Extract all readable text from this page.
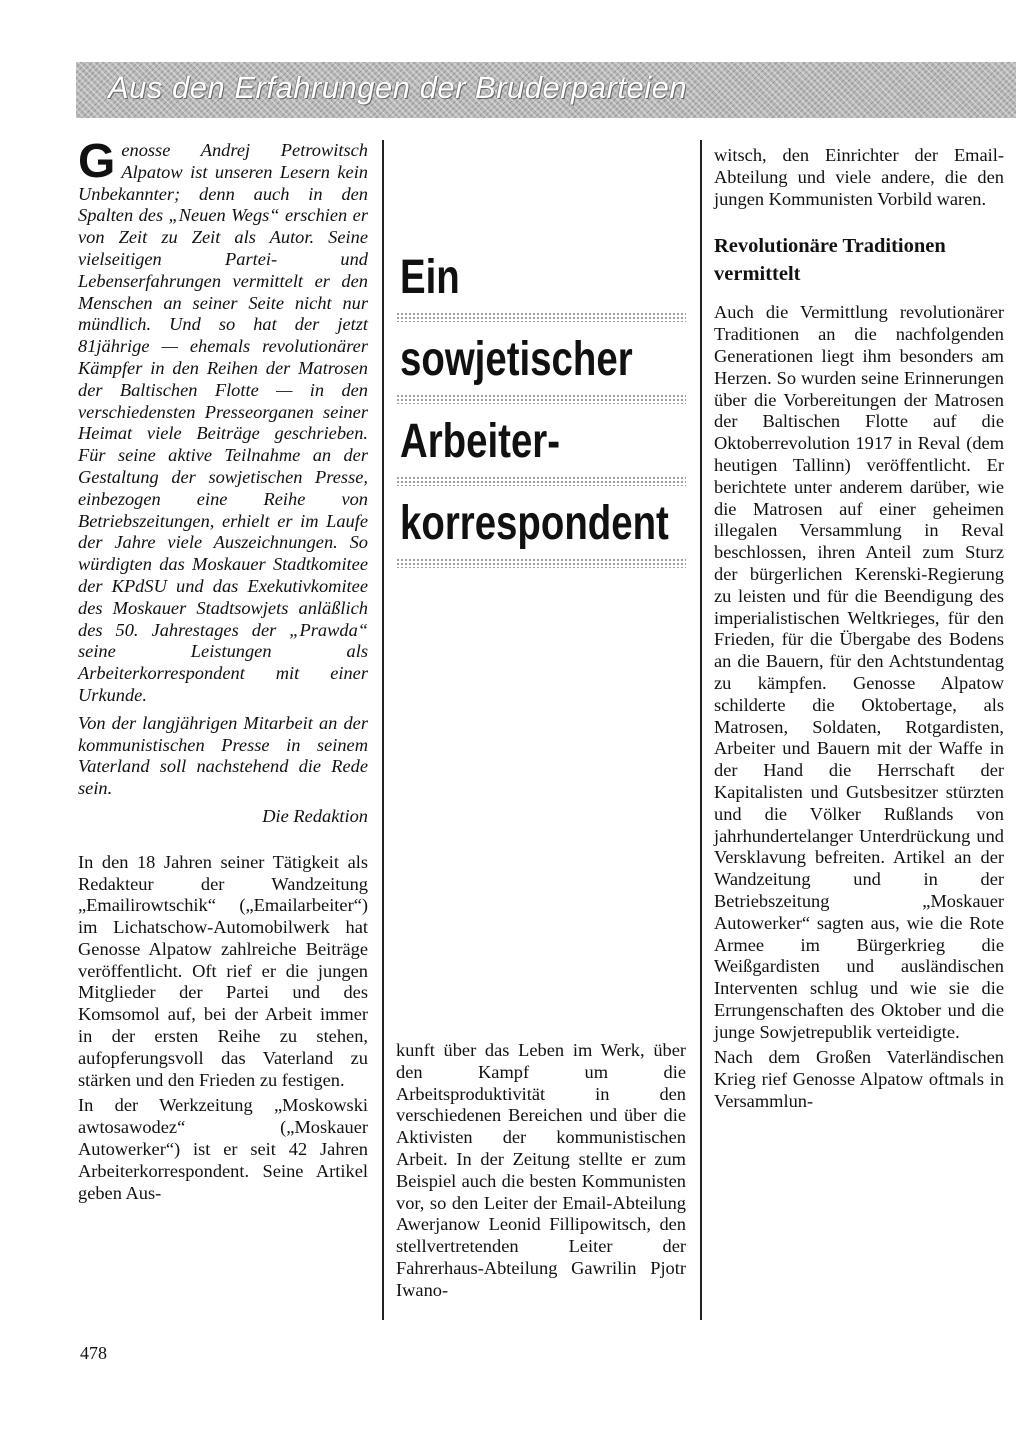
Aus den Erfahrungen der Bruderparteien

Genosse Andrej Petrowitsch Alpatow ist unseren Lesern kein Unbekannter; denn auch in den Spalten des „Neuen Wegs“ erschien er von Zeit zu Zeit als Autor. Seine vielseitigen Partei- und Lebenserfahrungen vermittelt er den Menschen an seiner Seite nicht nur mündlich. Und so hat der jetzt 81jährige — ehemals revolutionärer Kämpfer in den Reihen der Matrosen der Baltischen Flotte — in den verschiedensten Presseorganen seiner Heimat viele Beiträge geschrieben. Für seine aktive Teilnahme an der Gestaltung der sowjetischen Presse, einbezogen eine Reihe von Betriebszeitungen, erhielt er im Laufe der Jahre viele Auszeichnungen. So würdigten das Moskauer Stadtkomitee der KPdSU und das Exekutivkomitee des Moskauer Stadtsowjets anläßlich des 50. Jahrestages der „Prawda“ seine Leistungen als Arbeiterkorrespondent mit einer Urkunde.

Von der langjährigen Mitarbeit an der kommunistischen Presse in seinem Vaterland soll nachstehend die Rede sein.

Die Redaktion

In den 18 Jahren seiner Tätigkeit als Redakteur der Wandzeitung „Emailirowtschik“ („Emailarbeiter“) im Lichatschow-Automobilwerk hat Genosse Alpatow zahlreiche Beiträge veröffentlicht. Oft rief er die jungen Mitglieder der Partei und des Komsomol auf, bei der Arbeit immer in der ersten Reihe zu stehen, aufopferungsvoll das Vaterland zu stärken und den Frieden zu festigen.

In der Werkzeitung „Moskowski awtosawodez“ („Moskauer Autowerker“) ist er seit 42 Jahren Arbeiterkorrespondent. Seine Artikel geben Aus-

Ein
sowjetischer
Arbeiter-
korrespondent

kunft über das Leben im Werk, über den Kampf um die Arbeitsproduktivität in den verschiedenen Bereichen und über die Aktivisten der kommunistischen Arbeit. In der Zeitung stellte er zum Beispiel auch die besten Kommunisten vor, so den Leiter der Email-Abteilung Awerjanow Leonid Fillipowitsch, den stellvertretenden Leiter der Fahrerhaus-Abteilung Gawrilin Pjotr Iwano-

witsch, den Einrichter der Email-Abteilung und viele andere, die den jungen Kommunisten Vorbild waren.

Revolutionäre Traditionen vermittelt

Auch die Vermittlung revolutionärer Traditionen an die nachfolgenden Generationen liegt ihm besonders am Herzen. So wurden seine Erinnerungen über die Vorbereitungen der Matrosen der Baltischen Flotte auf die Oktoberrevolution 1917 in Reval (dem heutigen Tallinn) veröffentlicht. Er berichtete unter anderem darüber, wie die Matrosen auf einer geheimen illegalen Versammlung in Reval beschlossen, ihren Anteil zum Sturz der bürgerlichen Kerenski-Regierung zu leisten und für die Beendigung des imperialistischen Weltkrieges, für den Frieden, für die Übergabe des Bodens an die Bauern, für den Achtstundentag zu kämpfen. Genosse Alpatow schilderte die Oktobertage, als Matrosen, Soldaten, Rotgardisten, Arbeiter und Bauern mit der Waffe in der Hand die Herrschaft der Kapitalisten und Gutsbesitzer stürzten und die Völker Rußlands von jahrhundertelanger Unterdrückung und Versklavung befreiten. Artikel an der Wandzeitung und in der Betriebszeitung „Moskauer Autowerker“ sagten aus, wie die Rote Armee im Bürgerkrieg die Weißgardisten und ausländischen Interventen schlug und wie sie die Errungenschaften des Oktober und die junge Sowjetrepublik verteidigte.

Nach dem Großen Vaterländischen Krieg rief Genosse Alpatow oftmals in Versammlun-

478
